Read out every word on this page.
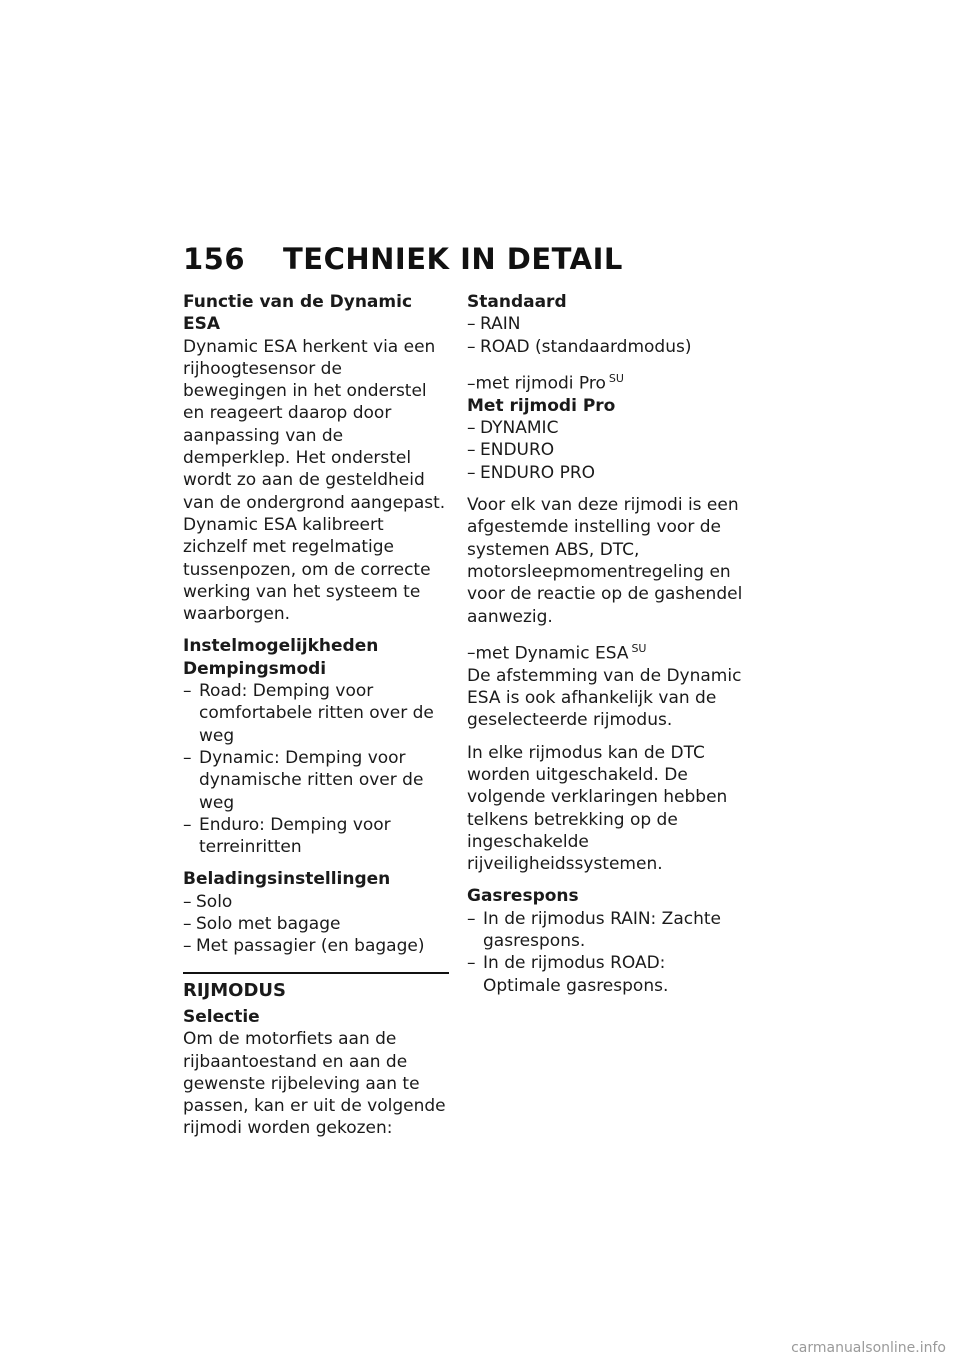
156	TECHNIEK IN DETAIL
Functie van de Dynamic ESA

Dynamic ESA herkent via een rijhoogtesensor de bewegingen in het onderstel en reageert daarop door aanpassing van de demperklep. Het onderstel wordt zo aan de gesteldheid van de ondergrond aangepast. Dynamic ESA kalibreert zichzelf met regelmatige tussenpozen, om de correcte werking van het systeem te waarborgen.

Instelmogelijkheden
Dempingsmodi
– Road: Demping voor comfortabele ritten over de weg
– Dynamic: Demping voor dynamische ritten over de weg
– Enduro: Demping voor terreinritten
Beladingsinstellingen
– Solo
– Solo met bagage
– Met passagier (en bagage)
RIJMODUS
Selectie

Om de motorfiets aan de rijbaantoestand en aan de gewenste rijbeleving aan te passen, kan er uit de volgende rijmodi worden gekozen:

Standaard
– RAIN
– ROAD (standaardmodus)
– met rijmodi Pro $^{SU}$
Met rijmodi Pro
– DYNAMIC
– ENDURO
– ENDURO PRO

Voor elk van deze rijmodi is een afgestemde instelling voor de systemen ABS, DTC, motorsleepmomentregeling en voor de reactie op de gashendel aanwezig.

– met Dynamic ESA $^{SU}$

De afstemming van de Dynamic ESA is ook afhankelijk van de geselecteerde rijmodus.

In elke rijmodus kan de DTC worden uitgeschakeld. De volgende verklaringen hebben telkens betrekking op de ingeschakelde rijveiligheidssystemen.

Gasrespons
– In de rijmodus RAIN: Zachte gasrespons.
– In de rijmodus ROAD: Optimale gasrespons.
carmanualsonline.info
